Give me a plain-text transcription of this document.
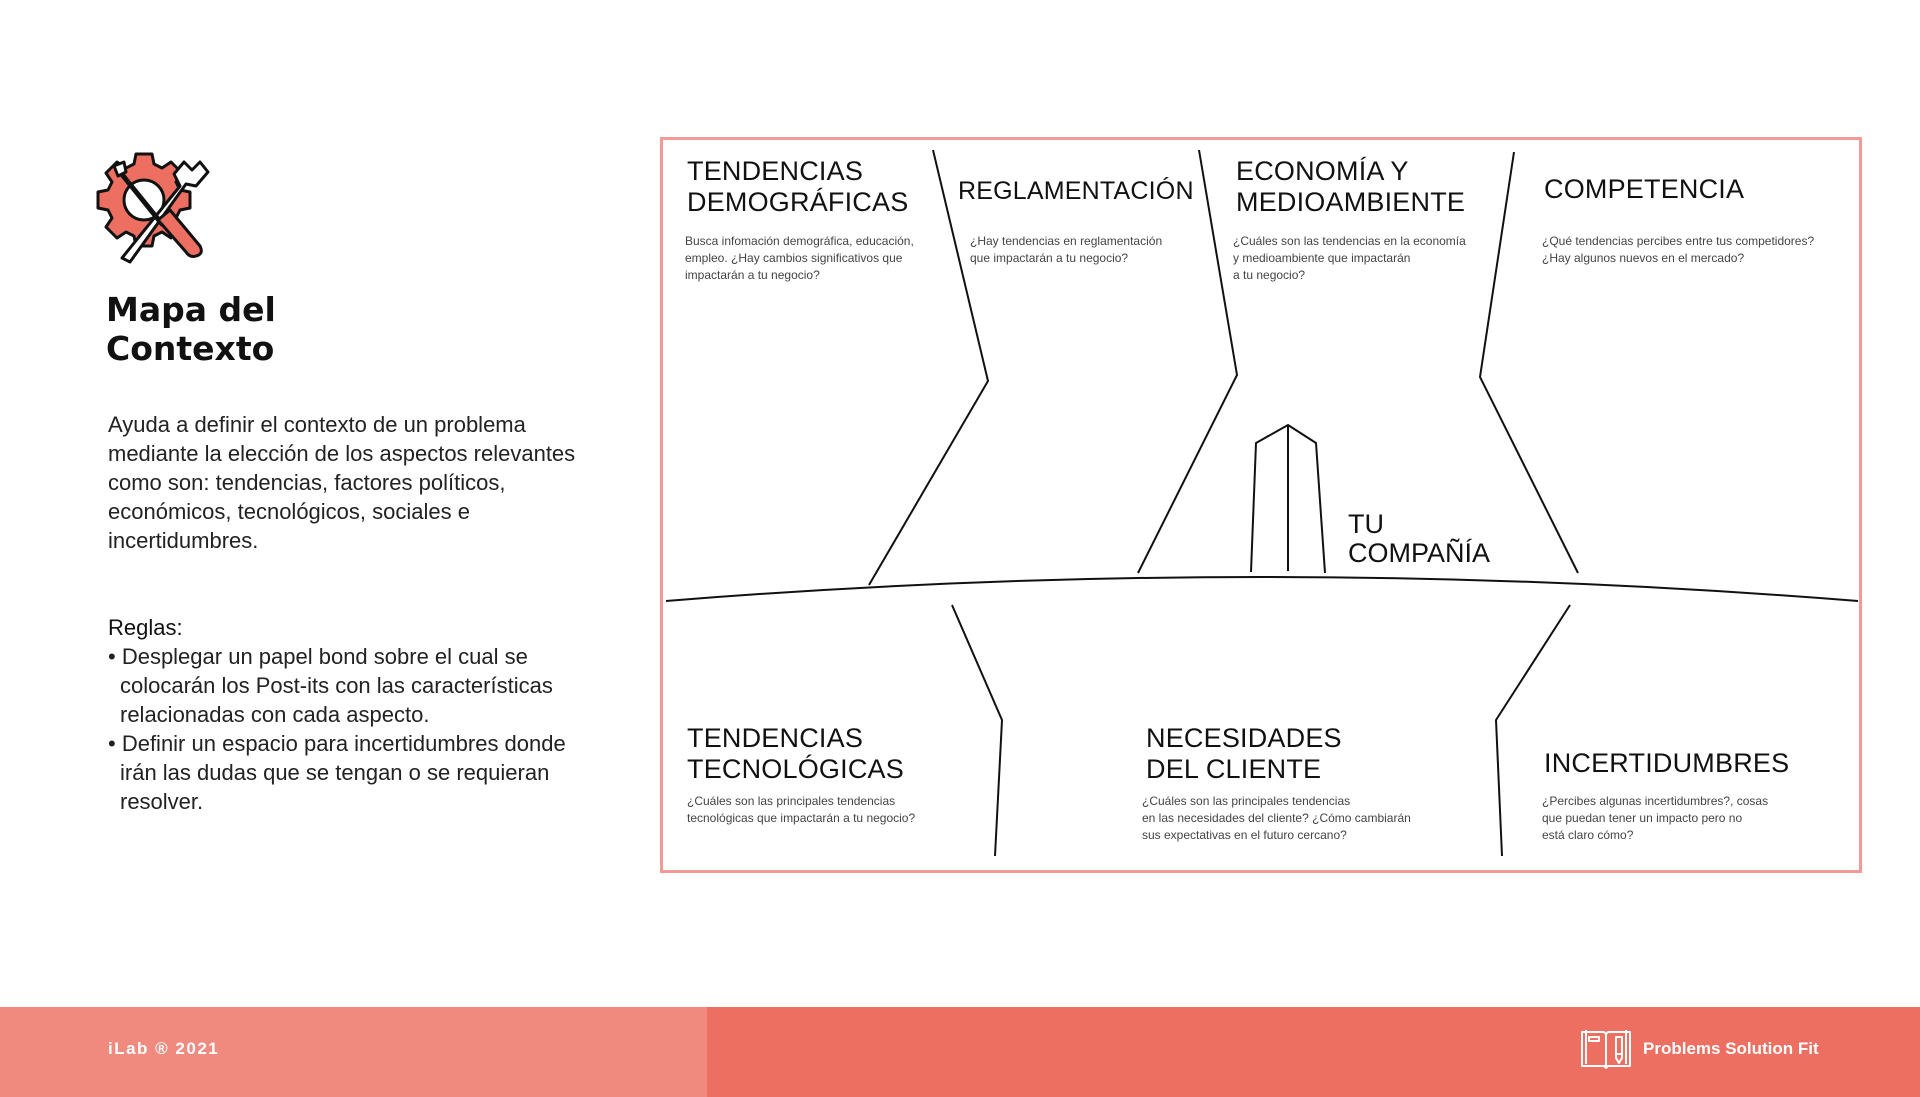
Mapa del
Contexto

Ayuda a definir el contexto de un problema mediante la elección de los aspectos relevantes como son: tendencias, factores políticos, económicos, tecnológicos, sociales e incertidumbres.

Reglas:
• Desplegar un papel bond sobre el cual se colocarán los Post-its con las características relacionadas con cada aspecto.
• Definir un espacio para incertidumbres donde irán las dudas que se tengan o se requieran resolver.
TENDENCIAS
DEMOGRÁFICAS
Busca infomación demográfica, educación,
empleo. ¿Hay cambios significativos que
impactarán a tu negocio?
REGLAMENTACIÓN
¿Hay tendencias en reglamentación
que impactarán a tu negocio?
ECONOMÍA Y
MEDIOAMBIENTE
¿Cuáles son las tendencias en la economía
y medioambiente que impactarán
a tu negocio?
COMPETENCIA
¿Qué tendencias percibes entre tus competidores?
¿Hay algunos nuevos en el mercado?
TENDENCIAS
TECNOLÓGICAS
¿Cuáles son las principales tendencias
tecnológicas que impactarán a tu negocio?
NECESIDADES
DEL CLIENTE
¿Cuáles son las principales tendencias
en las necesidades del cliente? ¿Cómo cambiarán
sus expectativas en el futuro cercano?
INCERTIDUMBRES
¿Percibes algunas incertidumbres?, cosas
que puedan tener un impacto pero no
está claro cómo?
TU
COMPAÑÍA
iLab ® 2021	Problems Solution Fit
